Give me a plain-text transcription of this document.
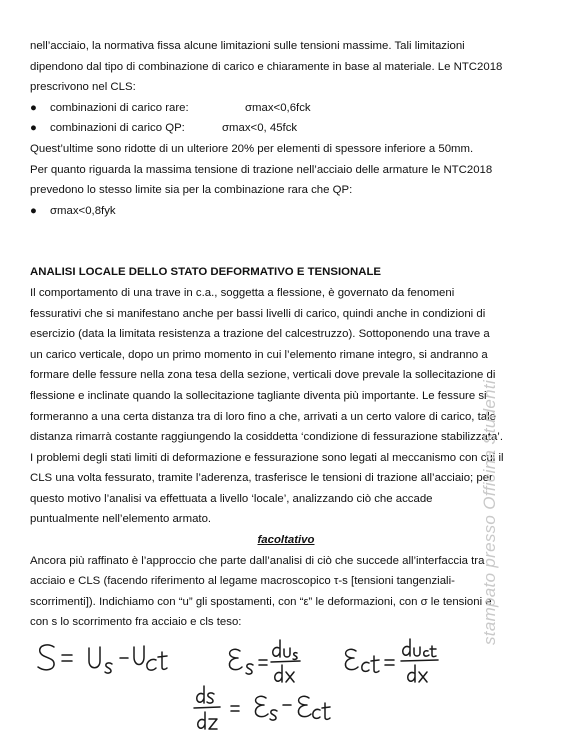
nell’acciaio, la normativa fissa alcune limitazioni sulle tensioni massime. Tali limitazioni
dipendono dal tipo di combinazione di carico e chiaramente in base al materiale. Le NTC2018
prescrivono nel CLS:
● combinazioni di carico rare:	σmax<0,6fck
● combinazioni di carico QP:	σmax<0, 45fck
Quest’ultime sono ridotte di un ulteriore 20% per elementi di spessore inferiore a 50mm.
Per quanto riguarda la massima tensione di trazione nell’acciaio delle armature le NTC2018
prevedono lo stesso limite sia per la combinazione rara che QP:
● σmax<0,8fyk
ANALISI LOCALE DELLO STATO DEFORMATIVO E TENSIONALE
Il comportamento di una trave in c.a., soggetta a flessione, è governato da fenomeni
fessurativi che si manifestano anche per bassi livelli di carico, quindi anche in condizioni di
esercizio (data la limitata resistenza a trazione del calcestruzzo). Sottoponendo una trave a
un carico verticale, dopo un primo momento in cui l’elemento rimane integro, si andranno a
formare delle fessure nella zona tesa della sezione, verticali dove prevale la sollecitazione di
flessione e inclinate quando la sollecitazione tagliante diventa più importante. Le fessure si
formeranno a una certa distanza tra di loro fino a che, arrivati a un certo valore di carico, tale
distanza rimarrà costante raggiungendo la cosiddetta ‘condizione di fessurazione stabilizzata’.
I problemi degli stati limiti di deformazione e fessurazione sono legati al meccanismo con cui il
CLS una volta fessurato, tramite l’aderenza, trasferisce le tensioni di trazione all’acciaio; per
questo motivo l’analisi va effettuata a livello ‘locale’, analizzando ciò che accade
puntualmente nell’elemento armato.
facoltativo
Ancora più raffinato è l’approccio che parte dall’analisi di ciò che succede all’interfaccia tra
acciaio e CLS (facendo riferimento al legame macroscopico τ-s [tensioni tangenziali-
scorrimenti]). Indichiamo con “u” gli spostamenti, con “ε” le deformazioni, con σ le tensioni e
con s lo scorrimento fra acciaio e cls teso:	stampato presso Officina Studenti
